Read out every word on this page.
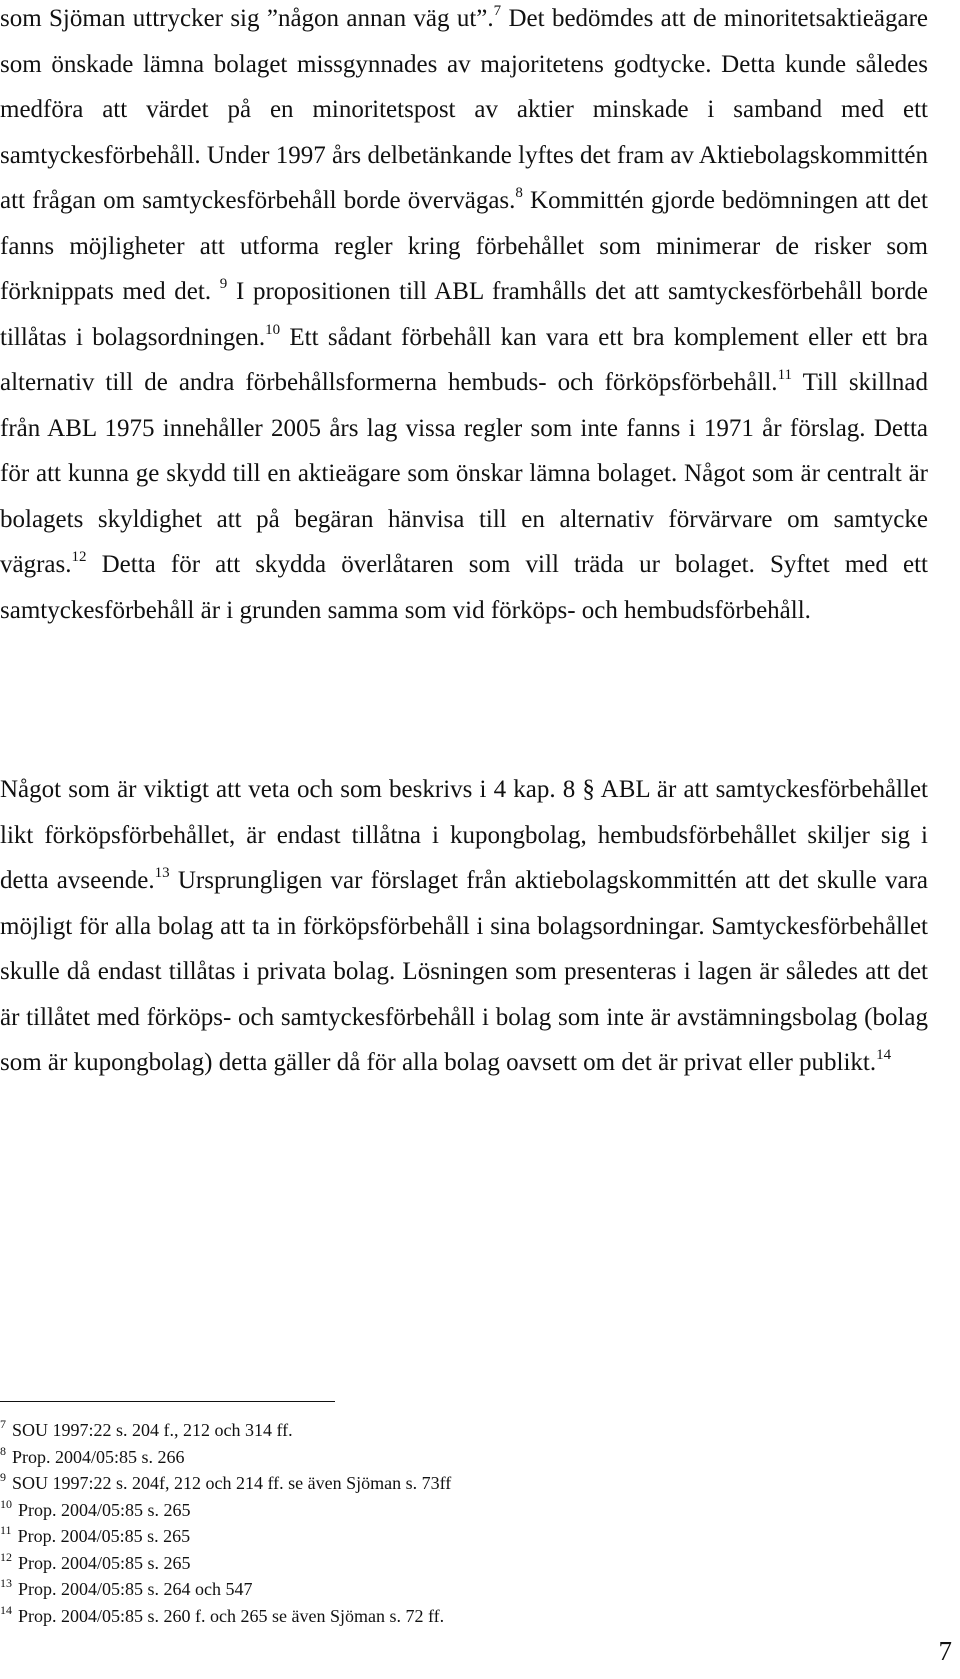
som Sjöman uttrycker sig ”någon annan väg ut”.$^7$ Det bedömdes att de minoritetsaktieägare som önskade lämna bolaget missgynnades av majoritetens godtycke. Detta kunde således medföra att värdet på en minoritetspost av aktier minskade i samband med ett samtyckesförbehåll. Under 1997 års delbetänkande lyftes det fram av Aktiebolagskommittén att frågan om samtyckesförbehåll borde övervägas.$^8$ Kommittén gjorde bedömningen att det fanns möjligheter att utforma regler kring förbehållet som minimerar de risker som förknippats med det. $^9$ I propositionen till ABL framhålls det att samtyckesförbehåll borde tillåtas i bolagsordningen.$^{10}$ Ett sådant förbehåll kan vara ett bra komplement eller ett bra alternativ till de andra förbehållsformerna hembuds- och förköpsförbehåll.$^{11}$ Till skillnad från ABL 1975 innehåller 2005 års lag vissa regler som inte fanns i 1971 år förslag. Detta för att kunna ge skydd till en aktieägare som önskar lämna bolaget. Något som är centralt är bolagets skyldighet att på begäran hänvisa till en alternativ förvärvare om samtycke vägras.$^{12}$ Detta för att skydda överlåtaren som vill träda ur bolaget. Syftet med ett samtyckesförbehåll är i grunden samma som vid förköps- och hembudsförbehåll.

Något som är viktigt att veta och som beskrivs i 4 kap. 8 § ABL är att samtyckesförbehållet likt förköpsförbehållet, är endast tillåtna i kupongbolag, hembudsförbehållet skiljer sig i detta avseende.$^{13}$ Ursprungligen var förslaget från aktiebolagskommittén att det skulle vara möjligt för alla bolag att ta in förköpsförbehåll i sina bolagsordningar. Samtyckesförbehållet skulle då endast tillåtas i privata bolag. Lösningen som presenteras i lagen är således att det är tillåtet med förköps- och samtyckesförbehåll i bolag som inte är avstämningsbolag (bolag som är kupongbolag) detta gäller då för alla bolag oavsett om det är privat eller publikt.$^{14}$

$^7$ SOU 1997:22 s. 204 f., 212 och 314 ff.
$^8$ Prop. 2004/05:85 s. 266
$^9$ SOU 1997:22 s. 204f, 212 och 214 ff. se även Sjöman s. 73ff
$^{10}$ Prop. 2004/05:85 s. 265
$^{11}$ Prop. 2004/05:85 s. 265
$^{12}$ Prop. 2004/05:85 s. 265
$^{13}$ Prop. 2004/05:85 s. 264 och 547
$^{14}$ Prop. 2004/05:85 s. 260 f. och 265 se även Sjöman s. 72 ff.
7
